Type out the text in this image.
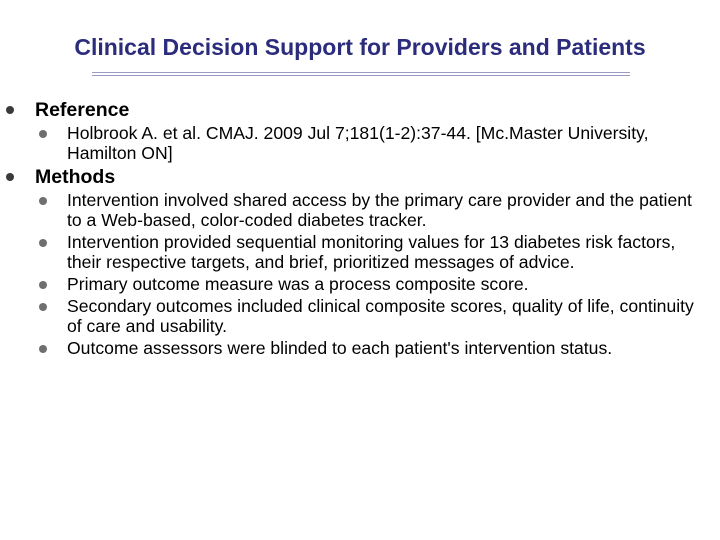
Clinical Decision Support for Providers and Patients
Reference
Holbrook A. et al. CMAJ. 2009 Jul 7;181(1-2):37-44. [Mc.Master University, Hamilton ON]
Methods
Intervention involved shared access by the primary care provider and the patient to a Web-based, color-coded diabetes tracker.
Intervention provided sequential monitoring values for 13 diabetes risk factors, their respective targets, and brief, prioritized messages of advice.
Primary outcome measure was a process composite score.
Secondary outcomes included clinical composite scores, quality of life, continuity of care and usability.
Outcome assessors were blinded to each patient's intervention status.
